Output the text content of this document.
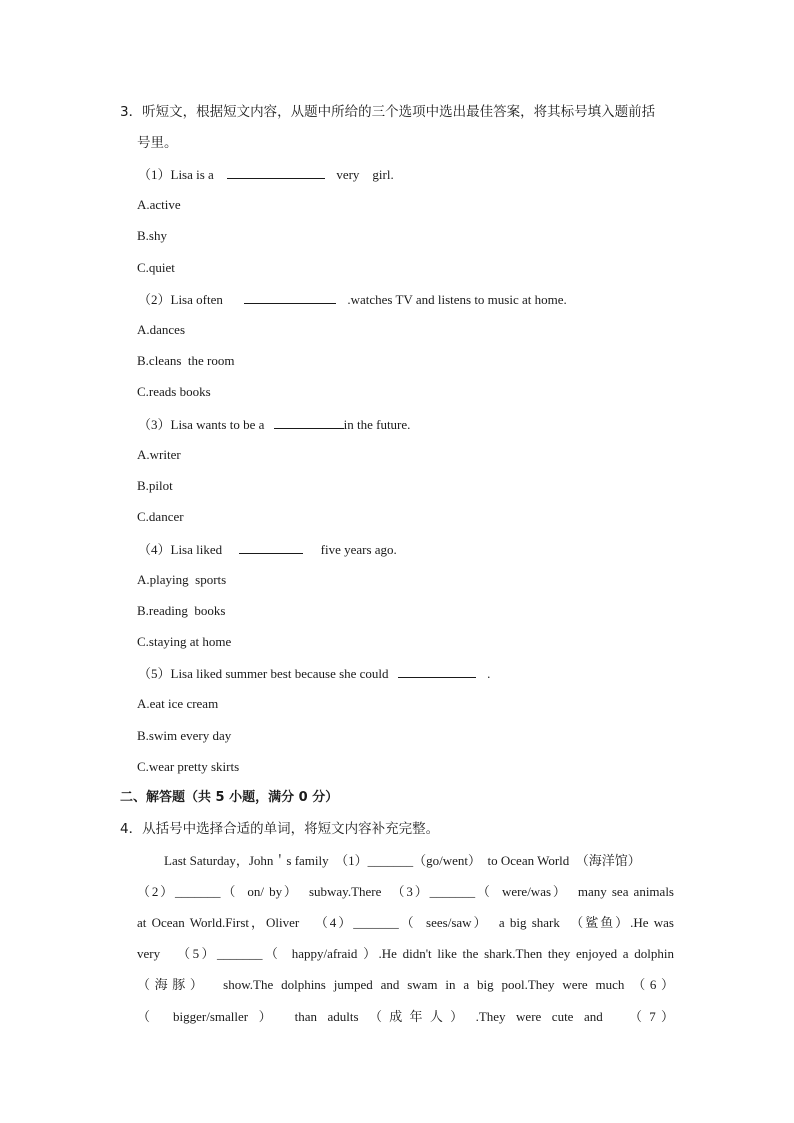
3．听短文，根据短文内容，从题中所给的三个选项中选出最佳答案，将其标号填入题前括
号里。
（1）Lisa is a	very    girl.
A.active
B.shy
C.quiet
（2）Lisa often	.watches TV and listens to music at home.
A.dances
B.cleans  the room
C.reads books
（3）Lisa wants to be a	in the future.
A.writer
B.pilot
C.dancer
（4）Lisa liked	five years ago.
A.playing  sports
B.reading  books
C.staying at home
（5）Lisa liked summer best because she could	.
A.eat ice cream
B.swim every day
C.wear pretty skirts
二、解答题（共 5 小题，满分 0 分）
4．从括号中选择合适的单词，将短文内容补充完整。
Last Saturday，John＇s family  （1）_______（go/went）  to Ocean World  （海洋馆）
（2）_______（  on/ by）  subway.There  （3）_______（  were/was）  many sea animals
at Ocean World.First，Oliver   （4）_______（  sees/saw）  a big shark  （鲨鱼）.He was
very   （5）_______（  happy/afraid ）.He didn't like the shark.Then they enjoyed a dolphin
（海豚）  show.The dolphins jumped and swam in a big pool.They were much （6）
（    bigger/smaller  ）    than  adults  （ 成 年 人 ）  .They  were  cute  and     （ 7 ）
